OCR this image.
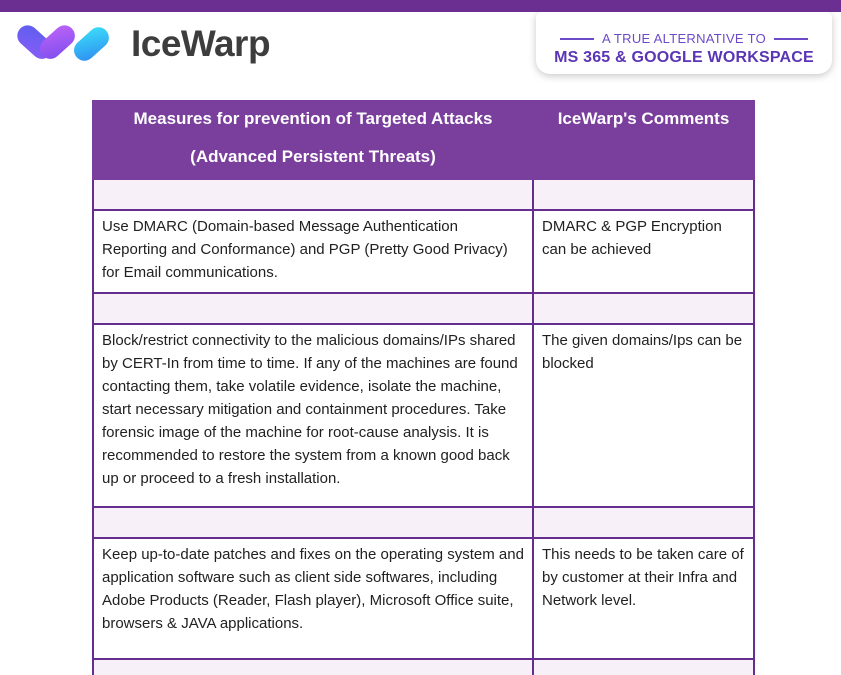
IceWarp	A TRUE ALTERNATIVE TO
MS 365 & GOOGLE WORKSPACE
Measures for prevention of Targeted Attacks
(Advanced Persistent Threats)	IceWarp's Comments

Use DMARC (Domain-based Message Authentication Reporting and Conformance) and PGP (Pretty Good Privacy) for Email communications.	DMARC & PGP Encryption can be achieved

Block/restrict connectivity to the malicious domains/IPs shared by CERT-In from time to time. If any of the machines are found contacting them, take volatile evidence, isolate the machine, start necessary mitigation and containment procedures. Take forensic image of the machine for root-cause analysis. It is recommended to restore the system from a known good back up or proceed to a fresh installation.	The given domains/Ips can be blocked

Keep up-to-date patches and fixes on the operating system and application software such as client side softwares, including Adobe Products (Reader, Flash player), Microsoft Office suite, browsers & JAVA applications.	This needs to be taken care of by customer at their Infra and Network level.
